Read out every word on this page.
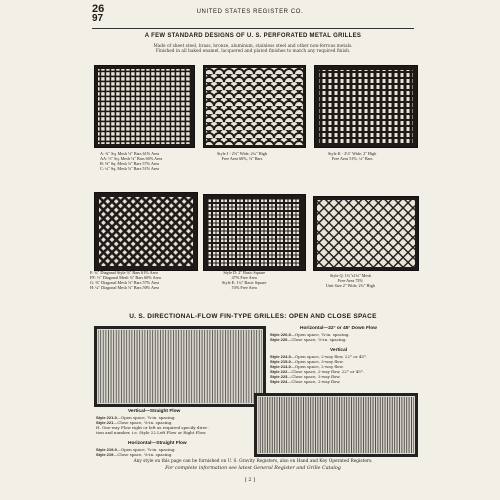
26
97
UNITED STATES REGISTER CO.
A FEW STANDARD DESIGNS OF U. S. PERFORATED METAL GRILLES
Made of sheet steel, brass, bronze, aluminum, stainless steel and other non-ferrous metals.
Finished in all baked enamel, lacquered and plated finishes to match any required finish.
A: ¾" Sq. Mesh ⅛" Bars 61% Area
AA: ½" Sq. Mesh ⅛" Bars 60% Area
B: ⅜" Sq. Mesh ⅛" Bars 57% Area
C: ¼" Sq. Mesh ⅛" Bars 51% Area
Style J - 2⅛" Wide, 2¼" High
Free Area 60%, ⅛" Bars
Style K - 2⅛" Wide, 2" High
Free Area 51%, ¼" Bars
F: ¾" Diagonal Style ⅛" Bars 61% Area
FF: ½" Diagonal Mesh ⅛" Bars 60% Area
G: ⅜" Diagonal Mesh ⅛" Bars 57% Area
H: ¼" Diagonal Mesh ⅛" Bars 50% Area
Style D: 2" Basic Square
47% Free Area
Style E: 1¼" Basic Square
53% Free Area
Style Q: 1¾"x1¾" Mesh
Free Area 72%
Unit Size 2" Wide, 2¾" High
U. S. DIRECTIONAL-FLOW FIN-TYPE GRILLES: OPEN AND CLOSE SPACE
Horizontal—22° or 45° Down Flow
Style 220-0—Open space, ¾-in. spacing.
Style 220—Close space, ⅜-in. spacing.
Vertical
Style 224-0—Open space, 2-way flow, 22° or 45°.
Style 215-0—Open space, 3-way flow.
Style 214-0—Open space, 2-way flow.
Style 222—Close space, 2-way flow, 22° or 45°.
Style 223—Close space, 3-way flow.
Style 224—Close space, 2-way flow.
Vertical—Straight Flow
Style 221-0—Open space, ¾-in. spacing.
Style 221—Close space, ⅜-in. spacing.
H. One-way Flow right or left as required specify direc-
tion and number, i.e. Style 22 Left Flow or Right Flow.
Horizontal—Straight Flow
Style 219-0—Open space, ¾-in. spacing.
Style 219—Close space, ⅜-in. spacing.
Any style on this page can be furnished on U. S. Gravity Registers, also on Hand and Key Operated Registers.
For complete information see latest General Register and Grille Catalog
[ 2 ]
